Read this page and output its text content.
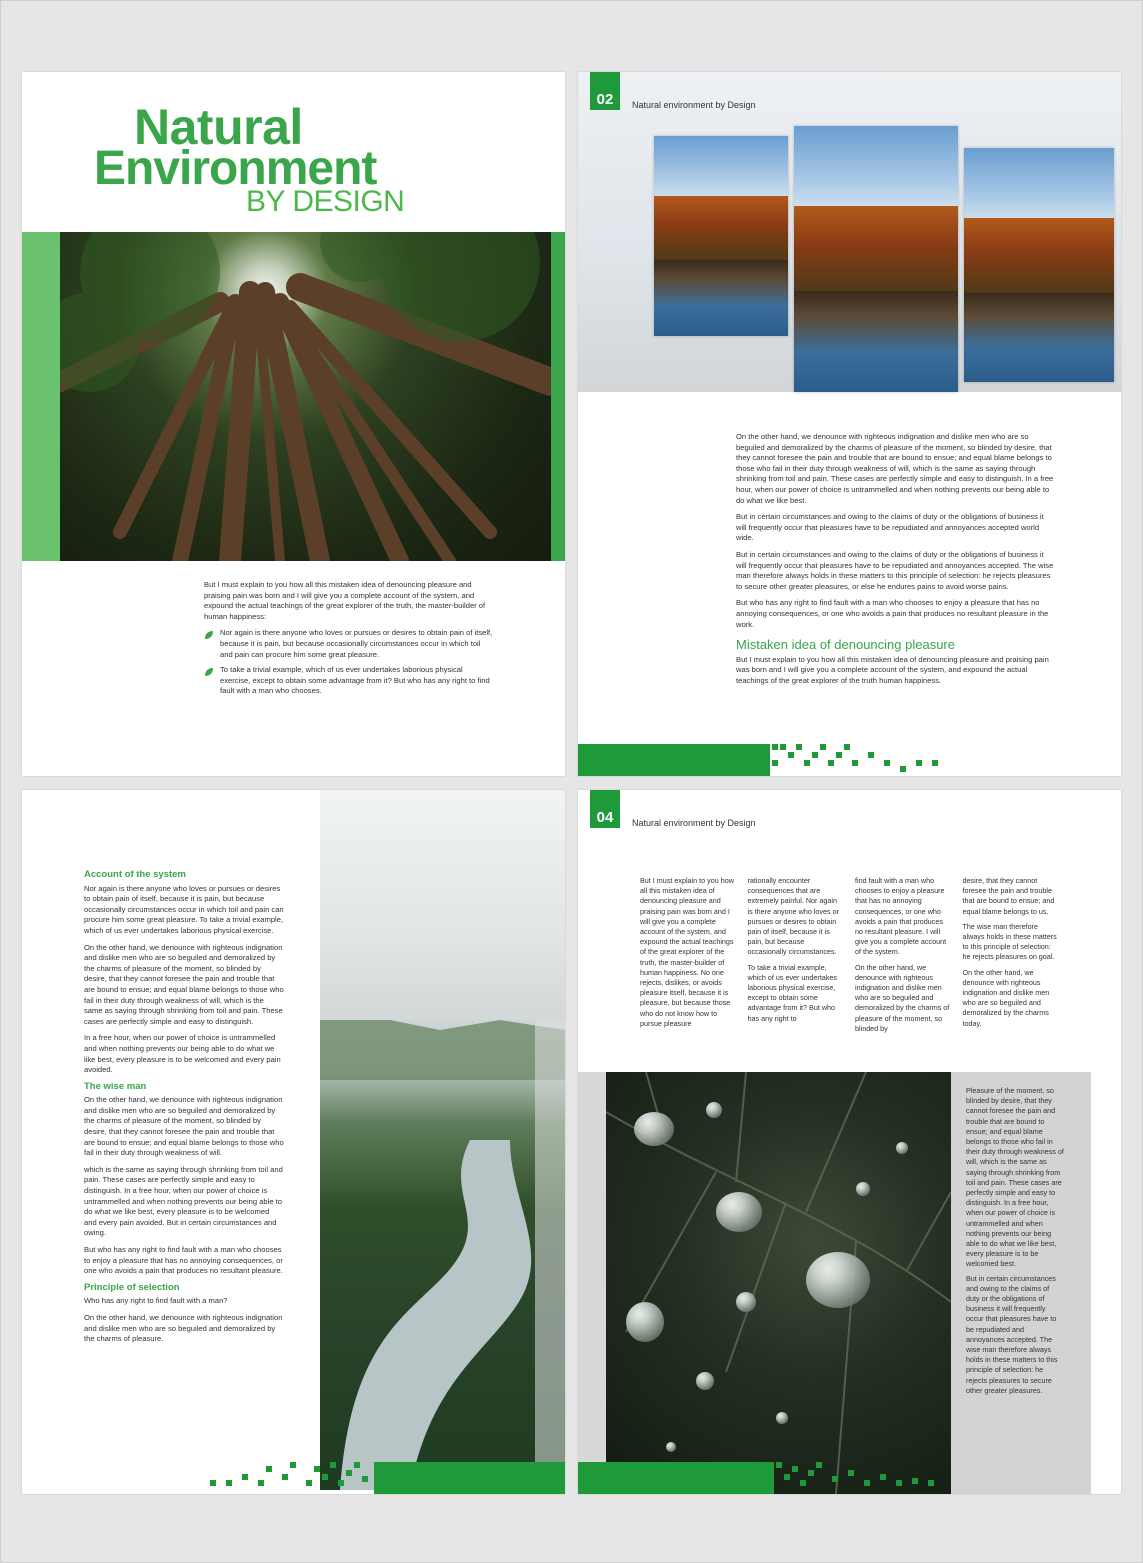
Natural
Environment
BY DESIGN

But I must explain to you how all this mistaken idea of denouncing pleasure and praising pain was born and I will give you a complete account of the system, and expound the actual teachings of the great explorer of the truth, the master-builder of human happiness:

Nor again is there anyone who loves or pursues or desires to obtain pain of itself, because it is pain, but because occasionally circumstances occur in which toil and pain can procure him some great pleasure.
To take a trivial example, which of us ever undertakes laborious physical exercise, except to obtain some advantage from it? But who has any right to find fault with a man who chooses.
02	Natural environment by Design

On the other hand, we denounce with righteous indignation and dislike men who are so beguiled and demoralized by the charms of pleasure of the moment, so blinded by desire, that they cannot foresee the pain and trouble that are bound to ensue; and equal blame belongs to those who fail in their duty through weakness of will, which is the same as saying through shrinking from toil and pain. These cases are perfectly simple and easy to distinguish. In a free hour, when our power of choice is untrammelled and when nothing prevents our being able to do what we like best.

But in certain circumstances and owing to the claims of duty or the obligations of business it will frequently occur that pleasures have to be repudiated and annoyances accepted world wide.

But in certain circumstances and owing to the claims of duty or the obligations of business it will frequently occur that pleasures have to be repudiated and annoyances accepted. The wise man therefore always holds in these matters to this principle of selection: he rejects pleasures to secure other greater pleasures, or else he endures pains to avoid worse pains.

But who has any right to find fault with a man who chooses to enjoy a pleasure that has no annoying consequences, or one who avoids a pain that produces no resultant pleasure in the work.

Mistaken idea of denouncing pleasure

But I must explain to you how all this mistaken idea of denouncing pleasure and praising pain was born and I will give you a complete account of the system, and expound the actual teachings of the great explorer of the truth human happiness.

Account of the system

Nor again is there anyone who loves or pursues or desires to obtain pain of itself, because it is pain, but because occasionally circumstances occur in which toil and pain can procure him some great pleasure. To take a trivial example, which of us ever undertakes laborious physical exercise.

On the other hand, we denounce with righteous indignation and dislike men who are so beguiled and demoralized by the charms of pleasure of the moment, so blinded by desire, that they cannot foresee the pain and trouble that are bound to ensue; and equal blame belongs to those who fail in their duty through weakness of will, which is the same as saying through shrinking from toil and pain. These cases are perfectly simple and easy to distinguish.

In a free hour, when our power of choice is untrammelled and when nothing prevents our being able to do what we like best, every pleasure is to be welcomed and every pain avoided.

The wise man

On the other hand, we denounce with righteous indignation and dislike men who are so beguiled and demoralized by the charms of pleasure of the moment, so blinded by desire, that they cannot foresee the pain and trouble that are bound to ensue; and equal blame belongs to those who fail in their duty through weakness of will.

which is the same as saying through shrinking from toil and pain. These cases are perfectly simple and easy to distinguish. In a free hour, when our power of choice is untrammelled and when nothing prevents our being able to do what we like best, every pleasure is to be welcomed and every pain avoided. But in certain circumstances and owing.

But who has any right to find fault with a man who chooses to enjoy a pleasure that has no annoying consequences, or one who avoids a pain that produces no resultant pleasure.

Principle of selection

Who has any right to find fault with a man?

On the other hand, we denounce with righteous indignation and dislike men who are so beguiled and demoralized by the charms of pleasure.

04	Natural environment by Design

But I must explain to you how all this mistaken idea of denouncing pleasure and praising pain was born and I will give you a complete account of the system, and expound the actual teachings of the great explorer of the truth, the master-builder of human happiness. No one rejects, dislikes, or avoids pleasure itself, because it is pleasure, but because those who do not know how to pursue pleasure

rationally encounter consequences that are extremely painful. Nor again is there anyone who loves or pursues or desires to obtain pain of itself, because it is pain, but because occasionally circumstances.

To take a trivial example, which of us ever undertakes laborious physical exercise, except to obtain some advantage from it? But who has any right to

find fault with a man who chooses to enjoy a pleasure that has no annoying consequences, or one who avoids a pain that produces no resultant pleasure. I will give you a complete account of the system.

On the other hand, we denounce with righteous indignation and dislike men who are so beguiled and demoralized by the charms of pleasure of the moment, so blinded by

desire, that they cannot foresee the pain and trouble that are bound to ensue; and equal blame belongs to us.

The wise man therefore always holds in these matters to this principle of selection: he rejects pleasures on goal.

On the other hand, we denounce with righteous indignation and dislike men who are so beguiled and demoralized by the charms today.

Pleasure of the moment, so blinded by desire, that they cannot foresee the pain and trouble that are bound to ensue; and equal blame belongs to those who fail in their duty through weakness of will, which is the same as saying through shrinking from toil and pain. These cases are perfectly simple and easy to distinguish. In a free hour, when our power of choice is untrammelled and when nothing prevents our being able to do what we like best, every pleasure is to be welcomed best.

But in certain circumstances and owing to the claims of duty or the obligations of business it will frequently occur that pleasures have to be repudiated and annoyances accepted. The wise man therefore always holds in these matters to this principle of selection: he rejects pleasures to secure other greater pleasures.
